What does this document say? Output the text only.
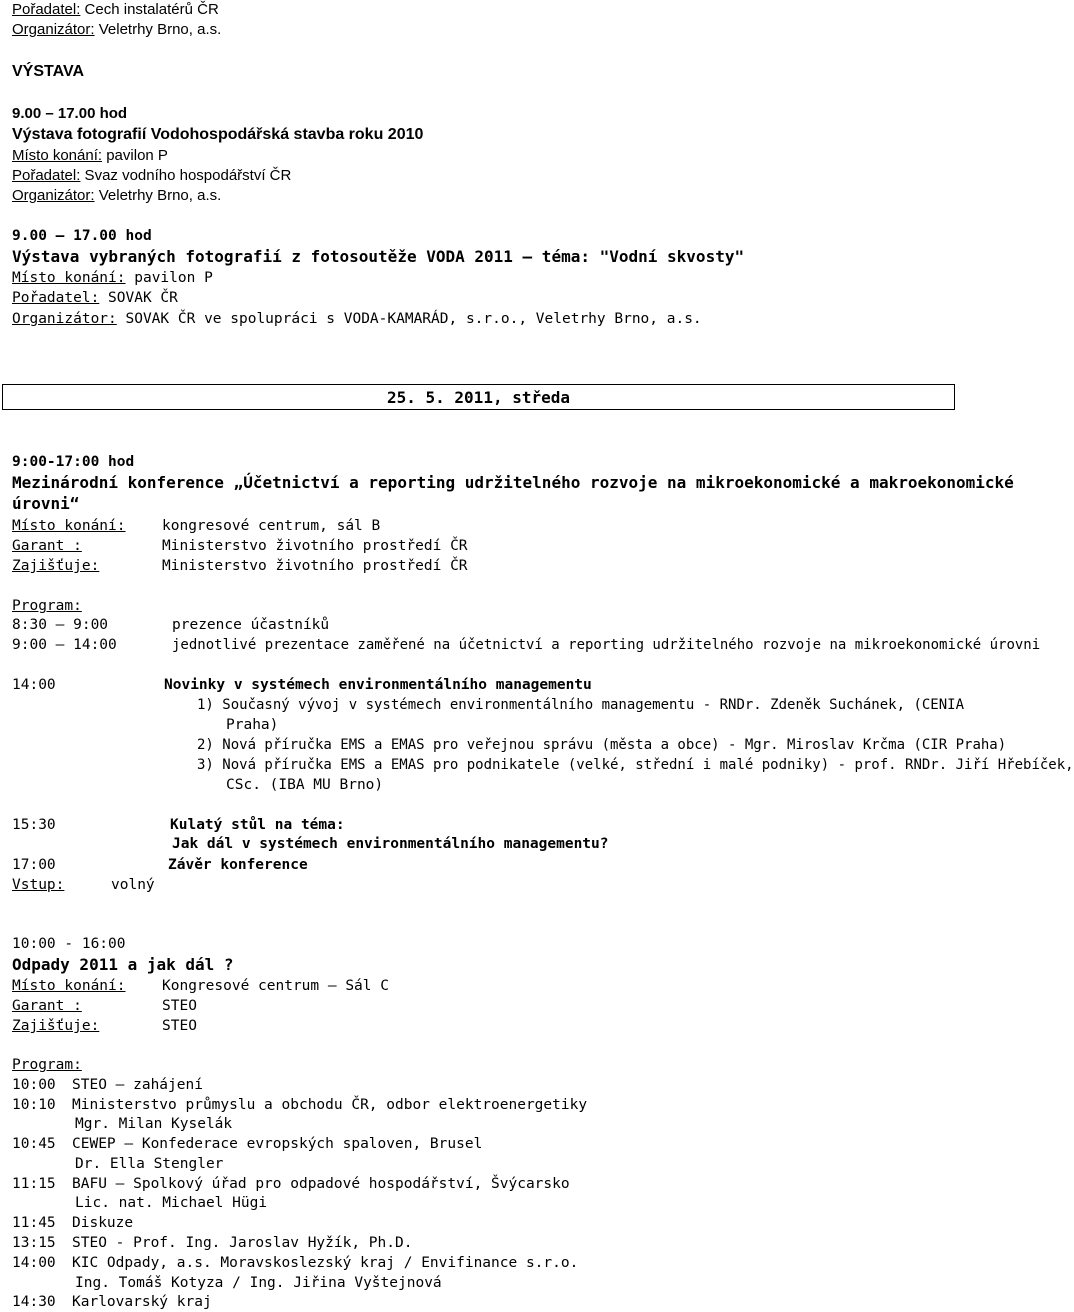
Pořadatel: Cech instalatérů ČR
Organizátor: Veletrhy Brno, a.s.
VÝSTAVA
9.00 – 17.00 hod
Výstava fotografií Vodohospodářská stavba roku 2010
Místo konání: pavilon P
Pořadatel: Svaz vodního hospodářství ČR
Organizátor: Veletrhy Brno, a.s.
9.00 – 17.00 hod
Výstava vybraných fotografií z fotosoutěže VODA 2011 – téma: "Vodní skvosty"
Místo konání: pavilon P
Pořadatel: SOVAK ČR
Organizátor: SOVAK ČR ve spolupráci s VODA-KAMARÁD, s.r.o., Veletrhy Brno, a.s.
25. 5. 2011, středa
9:00-17:00 hod
Mezinárodní konference „Účetnictví a reporting udržitelného rozvoje na mikroekonomické a makroekonomické
úrovni“
Místo konání:	kongresové centrum, sál B
Garant :	Ministerstvo životního prostředí ČR
Zajišťuje:	Ministerstvo životního prostředí ČR
Program:
8:30 – 9:00	prezence účastníků
9:00 – 14:00	jednotlivé prezentace zaměřené na účetnictví a reporting udržitelného rozvoje na mikroekonomické úrovni
14:00	Novinky v systémech environmentálního managementu
1) Současný vývoj v systémech environmentálního managementu - RNDr. Zdeněk Suchánek, (CENIA
Praha)
2) Nová příručka EMS a EMAS pro veřejnou správu (města a obce) - Mgr. Miroslav Krčma (CIR Praha)
3) Nová příručka EMS a EMAS pro podnikatele (velké, střední i malé podniky) - prof. RNDr. Jiří Hřebíček,
CSc. (IBA MU Brno)
15:30	Kulatý stůl na téma:
Jak dál v systémech environmentálního managementu?
17:00	Závěr konference
Vstup:	volný
10:00 - 16:00
Odpady 2011 a jak dál ?
Místo konání:	Kongresové centrum – Sál C
Garant :	STEO
Zajišťuje:	STEO
Program:
10:00 STEO – zahájení
10:10 Ministerstvo průmyslu a obchodu ČR, odbor elektroenergetiky
Mgr. Milan Kyselák
10:45 CEWEP – Konfederace evropských spaloven, Brusel
Dr. Ella Stengler
11:15 BAFU – Spolkový úřad pro odpadové hospodářství, Švýcarsko
Lic. nat. Michael Hügi
11:45 Diskuze
13:15 STEO - Prof. Ing. Jaroslav Hyžík, Ph.D.
14:00 KIC Odpady, a.s. Moravskoslezský kraj / Envifinance s.r.o.
Ing. Tomáš Kotyza / Ing. Jiřina Vyštejnová
14:30 Karlovarský kraj
